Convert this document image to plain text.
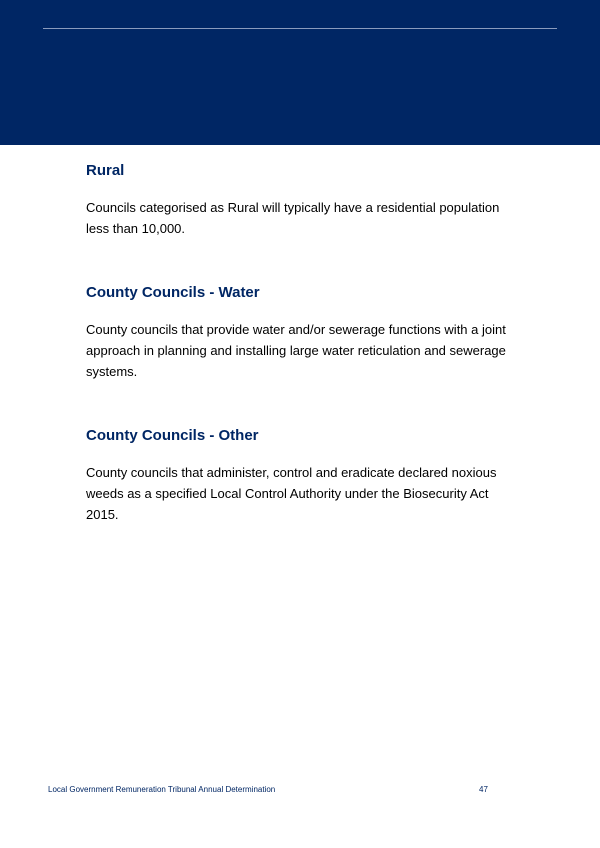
Rural

Councils categorised as Rural will typically have a residential population less than 10,000.

County Councils - Water

County councils that provide water and/or sewerage functions with a joint approach in planning and installing large water reticulation and sewerage systems.

County Councils - Other

County councils that administer, control and eradicate declared noxious weeds as a specified Local Control Authority under the Biosecurity Act 2015.

Local Government Remuneration Tribunal Annual Determination	47
